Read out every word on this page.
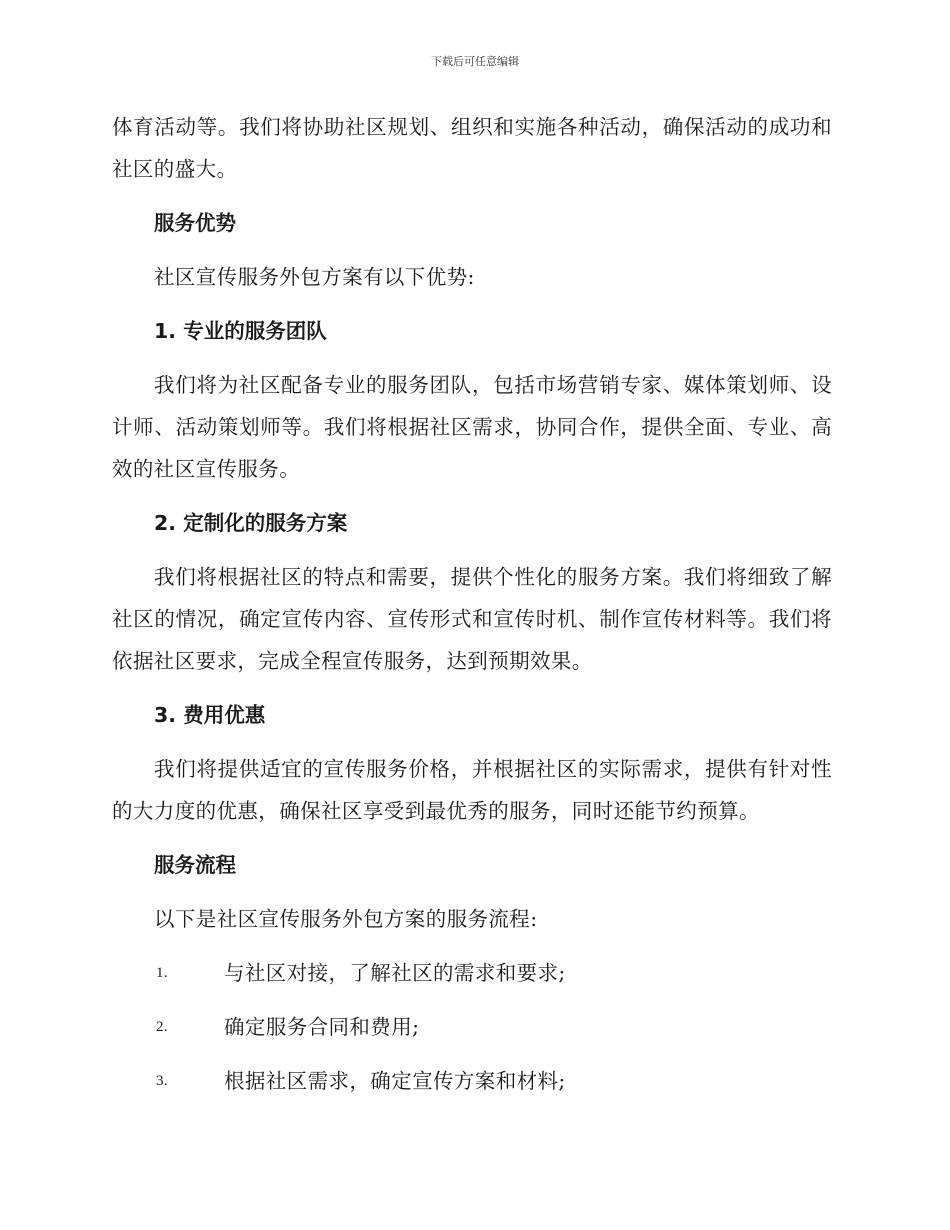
下载后可任意编辑

体育活动等。我们将协助社区规划、组织和实施各种活动，确保活动的成功和社区的盛大。

服务优势

社区宣传服务外包方案有以下优势:

1. 专业的服务团队

我们将为社区配备专业的服务团队，包括市场营销专家、媒体策划师、设计师、活动策划师等。我们将根据社区需求，协同合作，提供全面、专业、高效的社区宣传服务。

2. 定制化的服务方案

我们将根据社区的特点和需要，提供个性化的服务方案。我们将细致了解社区的情况，确定宣传内容、宣传形式和宣传时机、制作宣传材料等。我们将依据社区要求，完成全程宣传服务，达到预期效果。

3. 费用优惠

我们将提供适宜的宣传服务价格，并根据社区的实际需求，提供有针对性的大力度的优惠，确保社区享受到最优秀的服务，同时还能节约预算。

服务流程

以下是社区宣传服务外包方案的服务流程:

1.	与社区对接，了解社区的需求和要求;
2.	确定服务合同和费用;
3.	根据社区需求，确定宣传方案和材料;
